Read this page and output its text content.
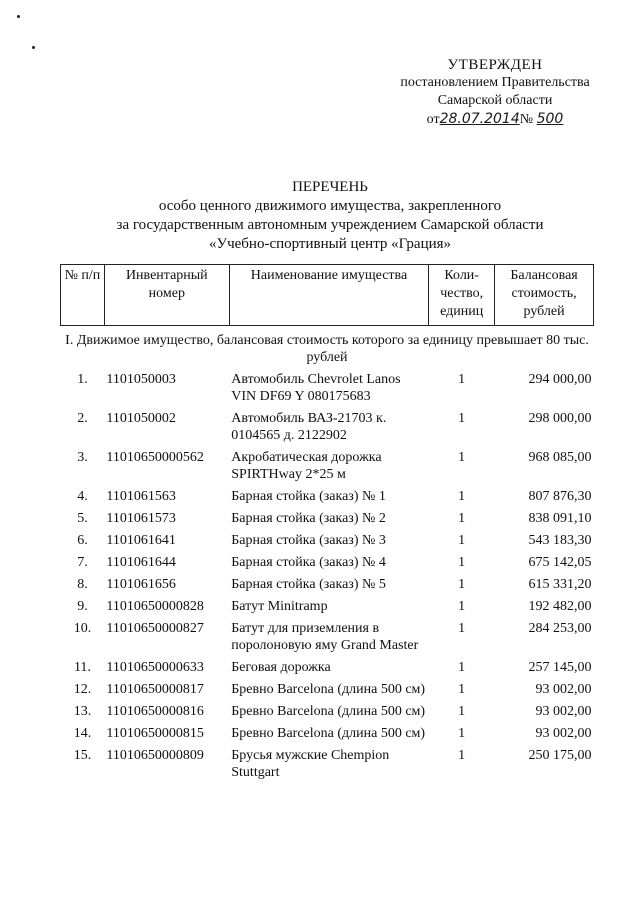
УТВЕРЖДЕН
постановлением Правительства
Самарской области
от28.07.2014№ 500
ПЕРЕЧЕНЬ
особо ценного движимого имущества, закрепленного
за государственным автономным учреждением Самарской области
«Учебно-спортивный центр «Грация»
№ п/п	Инвентарный номер	Наименование имущества	Коли-чество, единиц	Балансовая стоимость, рублей
I. Движимое имущество, балансовая стоимость которого за единицу превышает 80 тыс. рублей				
1.	1101050003	Автомобиль Chevrolet Lanos VIN DF69 Y 080175683	1	294 000,00
2.	1101050002	Автомобиль ВАЗ-21703 к. 0104565 д. 2122902	1	298 000,00
3.	11010650000562	Акробатическая дорожка SPIRTHway 2*25 м	1	968 085,00
4.	1101061563	Барная стойка (заказ) № 1	1	807 876,30
5.	1101061573	Барная стойка (заказ) № 2	1	838 091,10
6.	1101061641	Барная стойка (заказ) № 3	1	543 183,30
7.	1101061644	Барная стойка (заказ) № 4	1	675 142,05
8.	1101061656	Барная стойка (заказ) № 5	1	615 331,20
9.	11010650000828	Батут Minitramp	1	192 482,00
10.	11010650000827	Батут для приземления в поролоновую яму Grand Master	1	284 253,00
11.	11010650000633	Беговая дорожка	1	257 145,00
12.	11010650000817	Бревно Barcelona (длина 500 см)	1	93 002,00
13.	11010650000816	Бревно Barcelona (длина 500 см)	1	93 002,00
14.	11010650000815	Бревно Barcelona (длина 500 см)	1	93 002,00
15.	11010650000809	Брусья мужские Chempion Stuttgart	1	250 175,00
